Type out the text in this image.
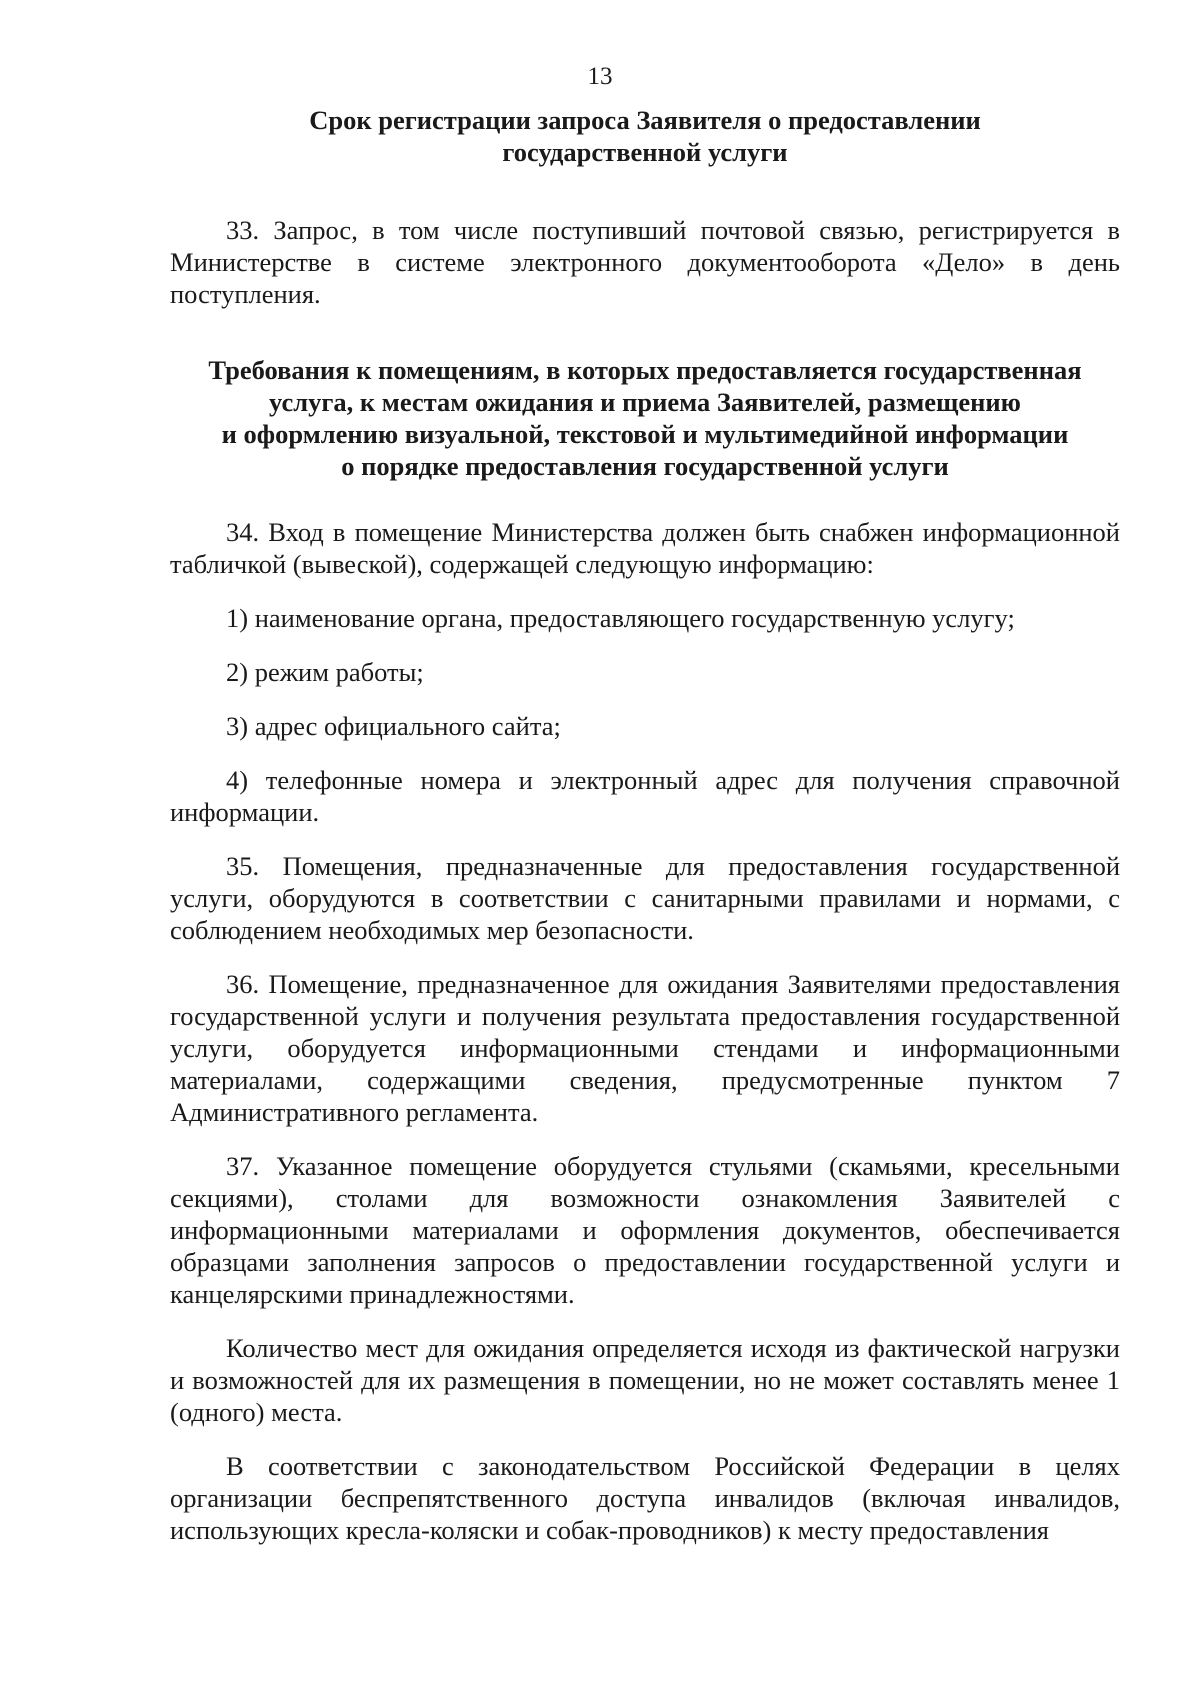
13
Срок регистрации запроса Заявителя о предоставлении
государственной услуги

33. Запрос, в том числе поступивший почтовой связью, регистрируется в Министерстве в системе электронного документооборота «Дело» в день поступления.

Требования к помещениям, в которых предоставляется государственная
услуга, к местам ожидания и приема Заявителей, размещению
и оформлению визуальной, текстовой и мультимедийной информации
о порядке предоставления государственной услуги

34. Вход в помещение Министерства должен быть снабжен информационной табличкой (вывеской), содержащей следующую информацию:

1) наименование органа, предоставляющего государственную услугу;

2) режим работы;

3) адрес официального сайта;

4) телефонные номера и электронный адрес для получения справочной информации.

35. Помещения, предназначенные для предоставления государственной услуги, оборудуются в соответствии с санитарными правилами и нормами, с соблюдением необходимых мер безопасности.

36. Помещение, предназначенное для ожидания Заявителями предоставления государственной услуги и получения результата предоставления государственной услуги, оборудуется информационными стендами и информационными материалами, содержащими сведения, предусмотренные пунктом 7 Административного регламента.

37. Указанное помещение оборудуется стульями (скамьями, кресельными секциями), столами для возможности ознакомления Заявителей с информационными материалами и оформления документов, обеспечивается образцами заполнения запросов о предоставлении государственной услуги и канцелярскими принадлежностями.

Количество мест для ожидания определяется исходя из фактической нагрузки и возможностей для их размещения в помещении, но не может составлять менее 1 (одного) места.

В соответствии с законодательством Российской Федерации в целях организации беспрепятственного доступа инвалидов (включая инвалидов, использующих кресла-коляски и собак-проводников) к месту предоставления
